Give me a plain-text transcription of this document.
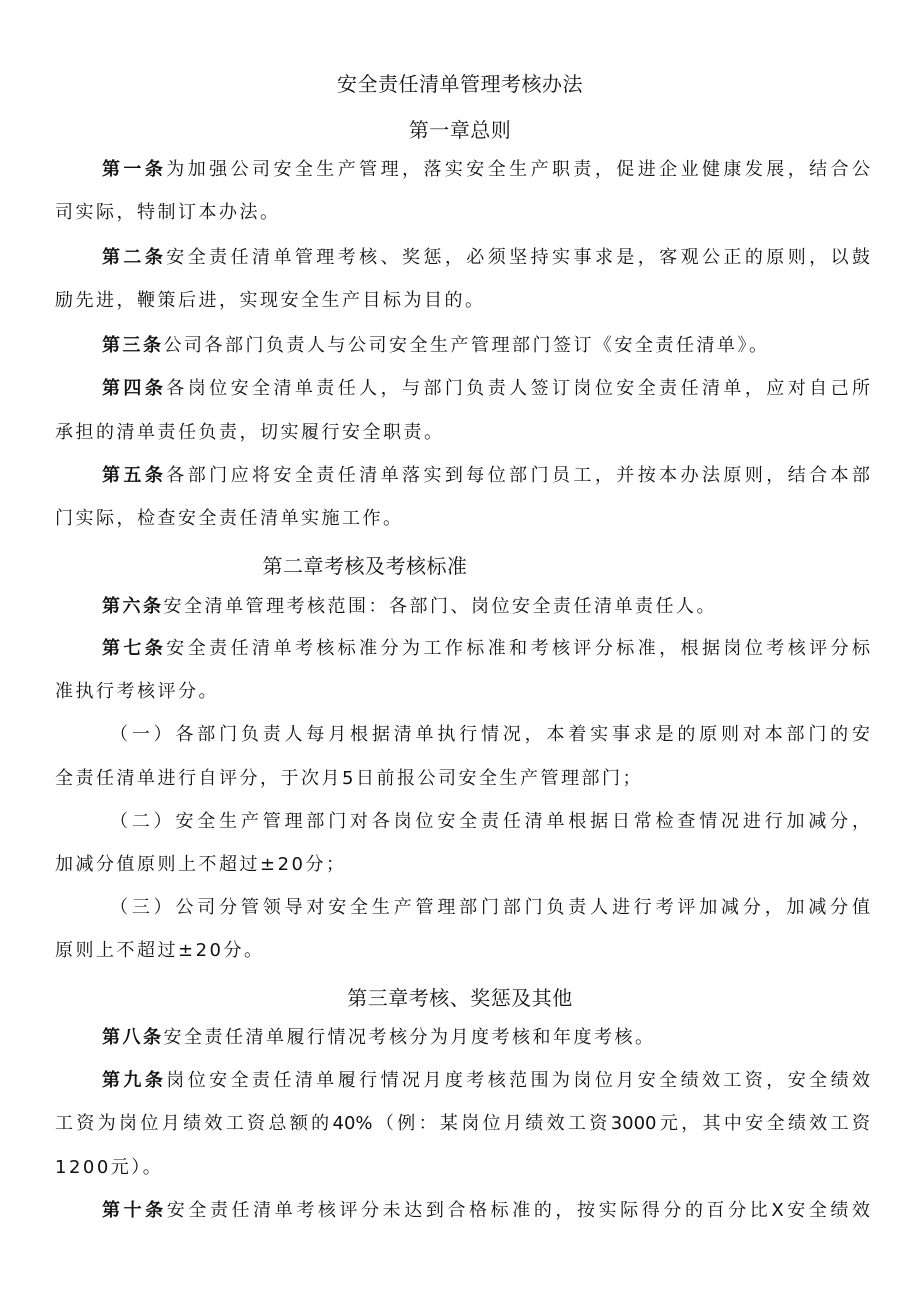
安全责任清单管理考核办法
第一章总则
第一条为加强公司安全生产管理，落实安全生产职责，促进企业健康发展，结合公
司实际，特制订本办法。
第二条安全责任清单管理考核、奖惩，必须坚持实事求是，客观公正的原则，以鼓
励先进，鞭策后进，实现安全生产目标为目的。
第三条公司各部门负责人与公司安全生产管理部门签订《安全责任清单》。
第四条各岗位安全清单责任人，与部门负责人签订岗位安全责任清单，应对自己所
承担的清单责任负责，切实履行安全职责。
第五条各部门应将安全责任清单落实到每位部门员工，并按本办法原则，结合本部
门实际，检查安全责任清单实施工作。
第二章考核及考核标准
第六条安全清单管理考核范围：各部门、岗位安全责任清单责任人。
第七条安全责任清单考核标准分为工作标准和考核评分标准，根据岗位考核评分标
准执行考核评分。
（一）各部门负责人每月根据清单执行情况，本着实事求是的原则对本部门的安
全责任清单进行自评分，于次月5日前报公司安全生产管理部门；
（二）安全生产管理部门对各岗位安全责任清单根据日常检查情况进行加减分，
加减分值原则上不超过±20分；
（三）公司分管领导对安全生产管理部门部门负责人进行考评加减分，加减分值
原则上不超过±20分。
第三章考核、奖惩及其他
第八条安全责任清单履行情况考核分为月度考核和年度考核。
第九条岗位安全责任清单履行情况月度考核范围为岗位月安全绩效工资，安全绩效
工资为岗位月绩效工资总额的40%（例：某岗位月绩效工资3000元，其中安全绩效工资
1200元）。
第十条安全责任清单考核评分未达到合格标准的，按实际得分的百分比X安全绩效
